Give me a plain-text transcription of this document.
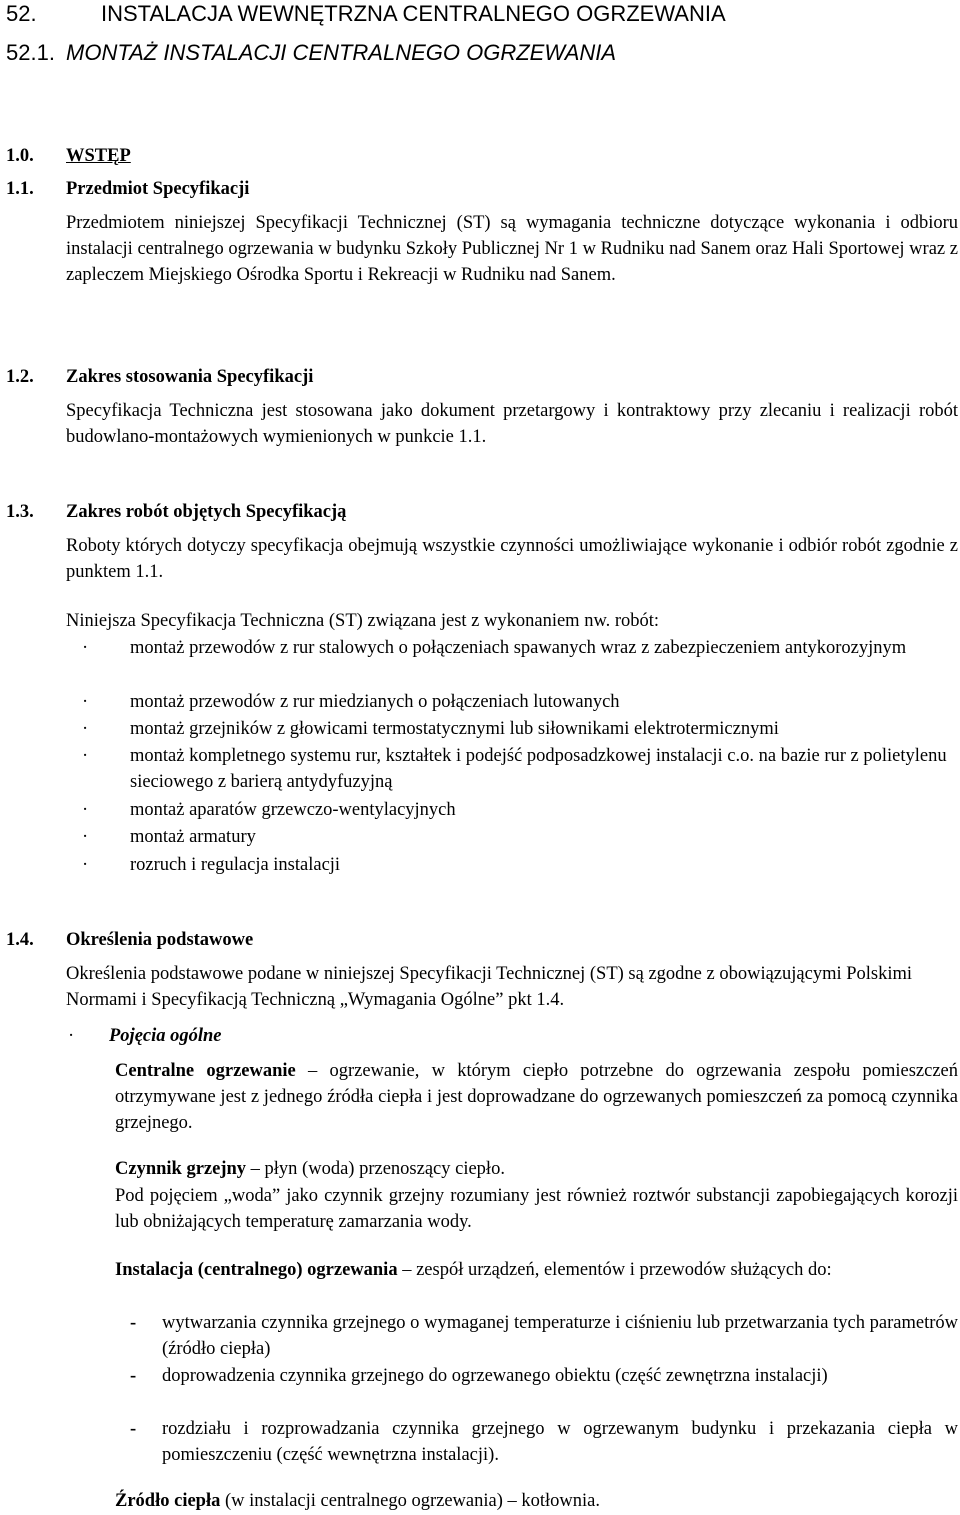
52.	INSTALACJA WEWNĘTRZNA CENTRALNEGO OGRZEWANIA
52.1. MONTAŻ INSTALACJI CENTRALNEGO OGRZEWANIA
1.0. WSTĘP
1.1. Przedmiot Specyfikacji
Przedmiotem niniejszej Specyfikacji Technicznej (ST) są wymagania techniczne dotyczące wykonania i odbioru instalacji centralnego ogrzewania w budynku Szkoły Publicznej Nr 1 w Rudniku nad Sanem oraz Hali Sportowej wraz z zapleczem Miejskiego Ośrodka Sportu i Rekreacji w Rudniku nad Sanem.
1.2. Zakres stosowania Specyfikacji
Specyfikacja Techniczna jest stosowana jako dokument przetargowy i kontraktowy przy zlecaniu i realizacji robót budowlano-montażowych wymienionych w punkcie 1.1.
1.3. Zakres robót objętych Specyfikacją
Roboty których dotyczy specyfikacja obejmują wszystkie czynności umożliwiające wykonanie i odbiór robót zgodnie z punktem 1.1.
Niniejsza Specyfikacja Techniczna (ST) związana jest z wykonaniem nw. robót:
· montaż przewodów z rur stalowych o połączeniach spawanych wraz z zabezpieczeniem antykorozyjnym
· montaż przewodów z rur miedzianych o połączeniach lutowanych
· montaż grzejników z głowicami termostatycznymi lub siłownikami elektrotermicznymi
· montaż kompletnego systemu rur, kształtek i podejść podposadzkowej instalacji c.o. na bazie rur z polietylenu sieciowego z barierą antydyfuzyjną
· montaż aparatów grzewczo-wentylacyjnych
· montaż armatury
· rozruch i regulacja instalacji
1.4. Określenia podstawowe
Określenia podstawowe podane w niniejszej Specyfikacji Technicznej (ST) są zgodne z obowiązującymi Polskimi Normami i Specyfikacją Techniczną „Wymagania Ogólne” pkt 1.4.
· Pojęcia ogólne
Centralne ogrzewanie – ogrzewanie, w którym ciepło potrzebne do ogrzewania zespołu pomieszczeń otrzymywane jest z jednego źródła ciepła i jest doprowadzane do ogrzewanych pomieszczeń za pomocą czynnika grzejnego.
Czynnik grzejny – płyn (woda) przenoszący ciepło.
Pod pojęciem „woda” jako czynnik grzejny rozumiany jest również roztwór substancji zapobiegających korozji lub obniżających temperaturę zamarzania wody.
Instalacja (centralnego) ogrzewania – zespół urządzeń, elementów i przewodów służących do:
- wytwarzania czynnika grzejnego o wymaganej temperaturze i ciśnieniu lub przetwarzania tych parametrów (źródło ciepła)
- doprowadzenia czynnika grzejnego do ogrzewanego obiektu (część zewnętrzna instalacji)
- rozdziału i rozprowadzania czynnika grzejnego w ogrzewanym budynku i przekazania ciepła w pomieszczeniu (część wewnętrzna instalacji).
Źródło ciepła (w instalacji centralnego ogrzewania) – kotłownia.
